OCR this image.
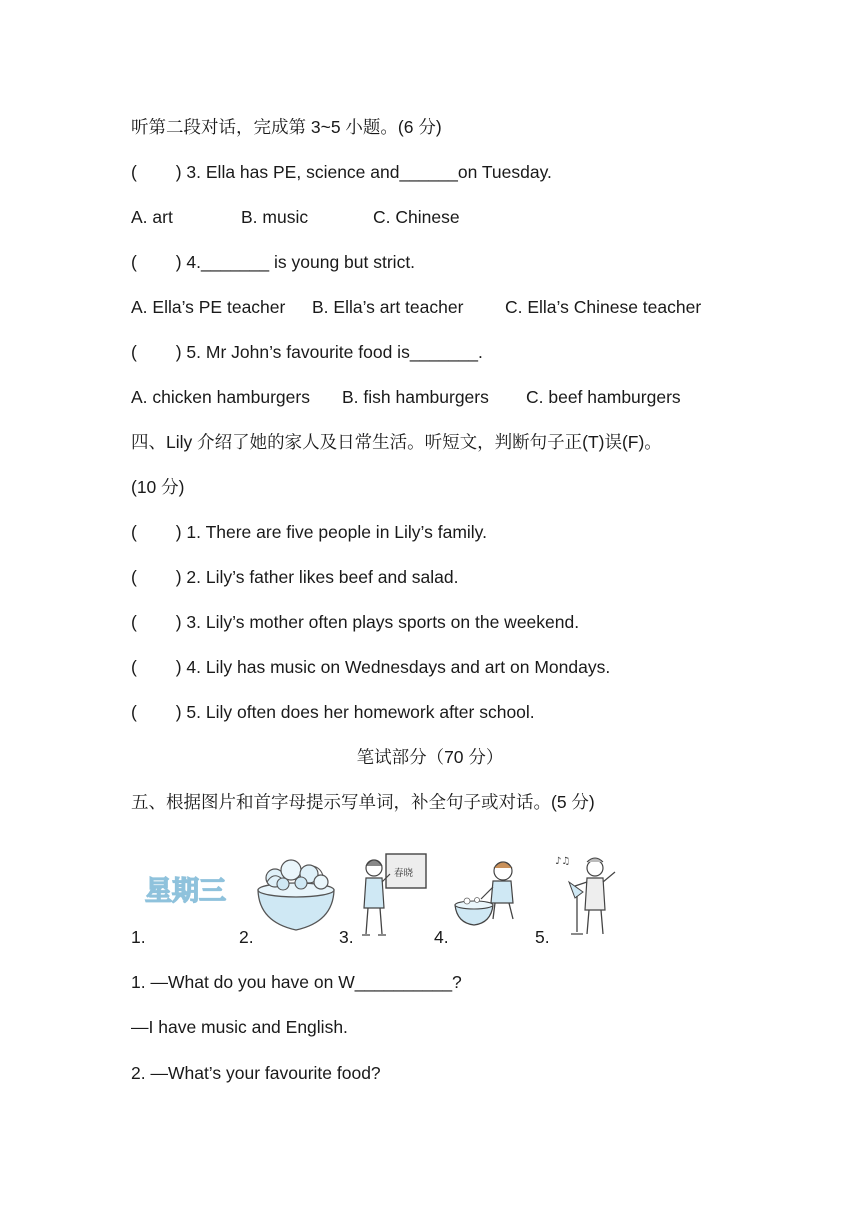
听第二段对话，完成第 3~5 小题。(6 分)
(        ) 3. Ella has PE, science and______on Tuesday.
A. art	B. music	C. Chinese
(        ) 4._______ is young but strict.
A. Ella’s PE teacher B. Ella’s art teacher C. Ella’s Chinese teacher
(        ) 5. Mr John’s favourite food is_______.
A. chicken hamburgers B. fish hamburgers C. beef hamburgers
四、Lily 介绍了她的家人及日常生活。听短文，判断句子正(T)误(F)。
(10 分)
(        ) 1. There are five people in Lily’s family.
(        ) 2. Lily’s father likes beef and salad.
(        ) 3. Lily’s mother often plays sports on the weekend.
(        ) 4. Lily has music on Wednesdays and art on Mondays.
(        ) 5. Lily often does her homework after school.
笔试部分（70 分）
五、根据图片和首字母提示写单词，补全句子或对话。(5 分)
星期三
春晓
♪♫
1.	2.	3.	4.	5.
1. —What do you have on W__________?
—I have music and English.
2. —What’s your favourite food?
